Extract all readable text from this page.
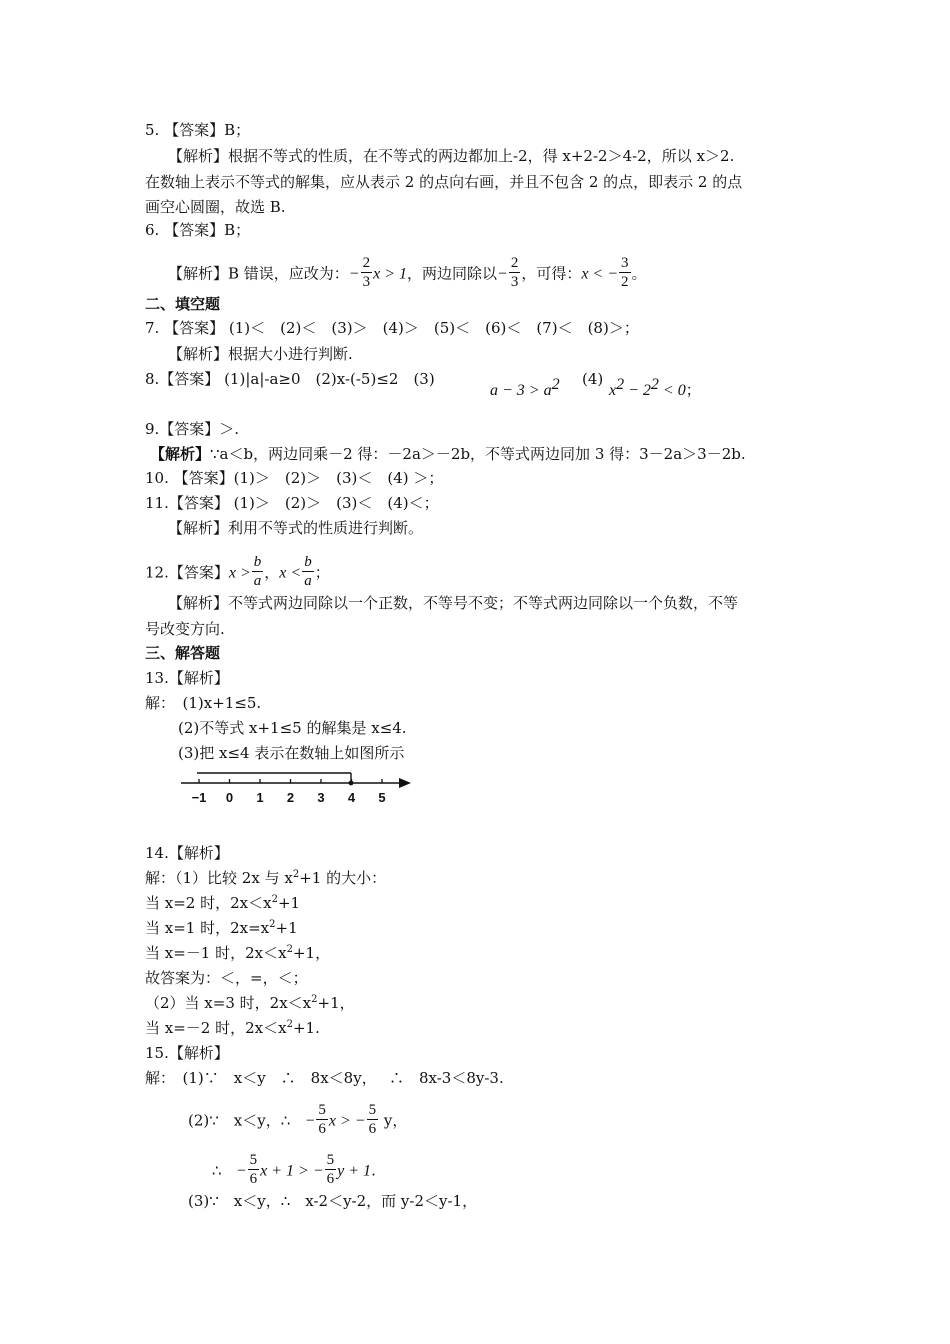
5. 【答案】B；
【解析】根据不等式的性质，在不等式的两边都加上-2，得 x+2-2＞4-2，所以 x＞2.
在数轴上表示不等式的解集，应从表示 2 的点向右画，并且不包含 2 的点，即表示 2 的点
画空心圆圈，故选 B.
6. 【答案】B；
【解析】B 错误，应改为：− $\frac{2}{3}$ x > 1，两边同除以− $\frac{2}{3}$ ，可得：x < − $\frac{3}{2}$ 。
二、填空题
7. 【答案】 (1)＜　(2)＜　(3)＞　(4)＞　(5)＜　(6)＜　(7)＜　(8)＞；
【解析】根据大小进行判断.
8.【答案】 (1)|a|-a≥0　(2)x-(-5)≤2　(3)
$a - 3 > a^2$ (4)
$x^2 - 2^2 < 0$；
9.【答案】＞.
【解析】∵a＜b，两边同乘－2 得：－2a＞－2b，不等式两边同加 3 得：3－2a＞3－2b.
10. 【答案】(1)＞　(2)＞　(3)＜　(4) ＞；
11.【答案】 (1)＞　(2)＞　(3)＜　(4)＜；
【解析】利用不等式的性质进行判断。
12.【答案】$x > \frac{b}{a}$ ，$x < \frac{b}{a}$ ；
【解析】不等式两边同除以一个正数，不等号不变；不等式两边同除以一个负数，不等
号改变方向.
三、解答题
13.【解析】
解：　(1)x+1≤5.
(2)不等式 x+1≤5 的解集是 x≤4.
(3)把 x≤4 表示在数轴上如图所示
−1 0 1 2 3 4 5
14.【解析】
解：（1）比较 2x 与 $x^2+1$ 的大小：
当 x=2 时，$2x<x^2+1$
当 x=1 时，$2x=x^2+1$
当 x=－1 时，$2x<x^2+1$，
故答案为：＜，=，＜；
（2）当 x=3 时，$2x<x^2+1$，
当 x=－2 时，$2x<x^2+1$.
15.【解析】
解：　(1)∵　x＜y　∴　8x＜8y，　 ∴　8x-3＜8y-3.
(2)∵　x＜y，∴ − $\frac{5}{6}$ x > − $\frac{5}{6}$ y，
∴ − $\frac{5}{6}$ x + 1 > − $\frac{5}{6}$ y + 1.
(3)∵　x＜y，∴　x-2＜y-2，而 y-2＜y-1，
